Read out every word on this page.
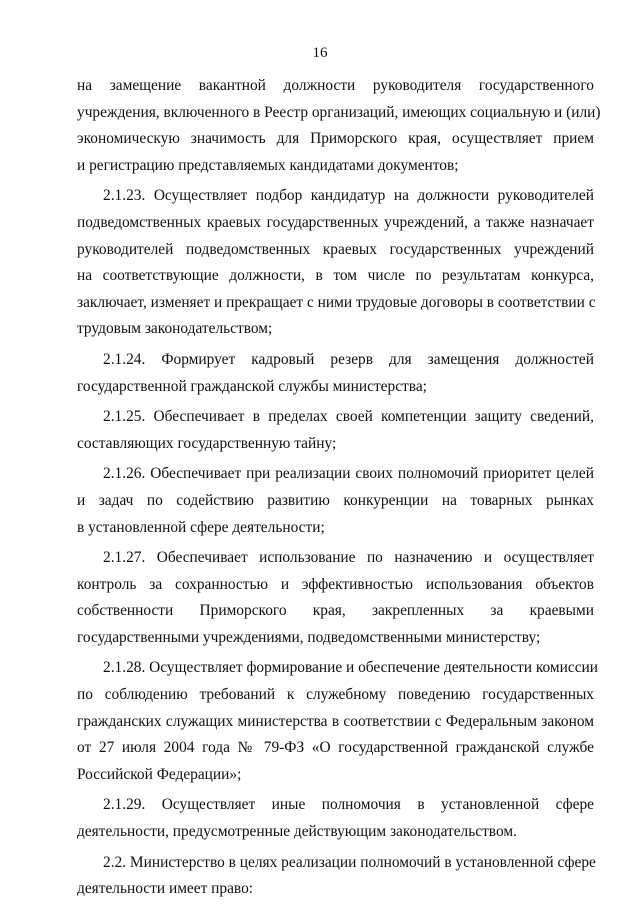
16

на замещение вакантной должности руководителя государственного
учреждения, включенного в Реестр организаций, имеющих социальную и (или)
экономическую значимость для Приморского края, осуществляет прием
и регистрацию представляемых кандидатами документов;

2.1.23. Осуществляет подбор кандидатур на должности руководителей
подведомственных краевых государственных учреждений, а также назначает
руководителей подведомственных краевых государственных учреждений
на соответствующие должности, в том числе по результатам конкурса,
заключает, изменяет и прекращает с ними трудовые договоры в соответствии с
трудовым законодательством;

2.1.24. Формирует кадровый резерв для замещения должностей
государственной гражданской службы министерства;

2.1.25. Обеспечивает в пределах своей компетенции защиту сведений,
составляющих государственную тайну;

2.1.26. Обеспечивает при реализации своих полномочий приоритет целей
и задач по содействию развитию конкуренции на товарных рынках
в установленной сфере деятельности;

2.1.27. Обеспечивает использование по назначению и осуществляет
контроль за сохранностью и эффективностью использования объектов
собственности Приморского края, закрепленных за краевыми
государственными учреждениями, подведомственными министерству;

2.1.28. Осуществляет формирование и обеспечение деятельности комиссии
по соблюдению требований к служебному поведению государственных
гражданских служащих министерства в соответствии с Федеральным законом
от 27 июля 2004 года № 79-ФЗ «О государственной гражданской службе
Российской Федерации»;

2.1.29. Осуществляет иные полномочия в установленной сфере
деятельности, предусмотренные действующим законодательством.

2.2. Министерство в целях реализации полномочий в установленной сфере
деятельности имеет право:
